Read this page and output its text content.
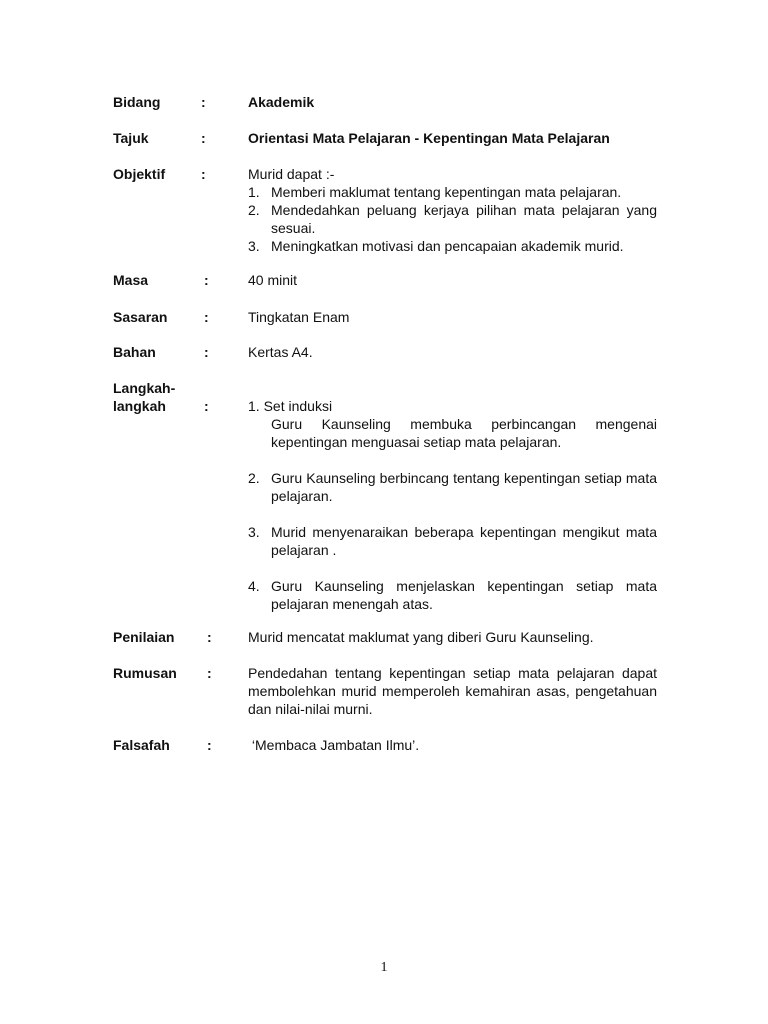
Bidang	:	Akademik
Tajuk	:	Orientasi Mata Pelajaran - Kepentingan Mata Pelajaran
Objektif	:	Murid dapat :-
1. Memberi maklumat tentang kepentingan mata pelajaran.
2. Mendedahkan peluang kerjaya pilihan mata pelajaran yang sesuai.
3. Meningkatkan motivasi dan pencapaian akademik murid.
Masa	:	40 minit
Sasaran	:	Tingkatan Enam
Bahan	:	Kertas A4.
Langkah-
langkah	:	1. Set induksi
Guru Kaunseling membuka perbincangan mengenai kepentingan menguasai setiap mata pelajaran.
2. Guru Kaunseling berbincang tentang kepentingan setiap mata pelajaran.
3. Murid menyenaraikan beberapa kepentingan mengikut mata pelajaran .
4. Guru Kaunseling menjelaskan kepentingan setiap mata pelajaran menengah atas.
Penilaian :	Murid mencatat maklumat yang diberi Guru Kaunseling.
Rumusan :	Pendedahan tentang kepentingan setiap mata pelajaran dapat membolehkan murid memperoleh kemahiran asas, pengetahuan dan nilai-nilai murni.
Falsafah	:	‘Membaca Jambatan Ilmu’.
1
